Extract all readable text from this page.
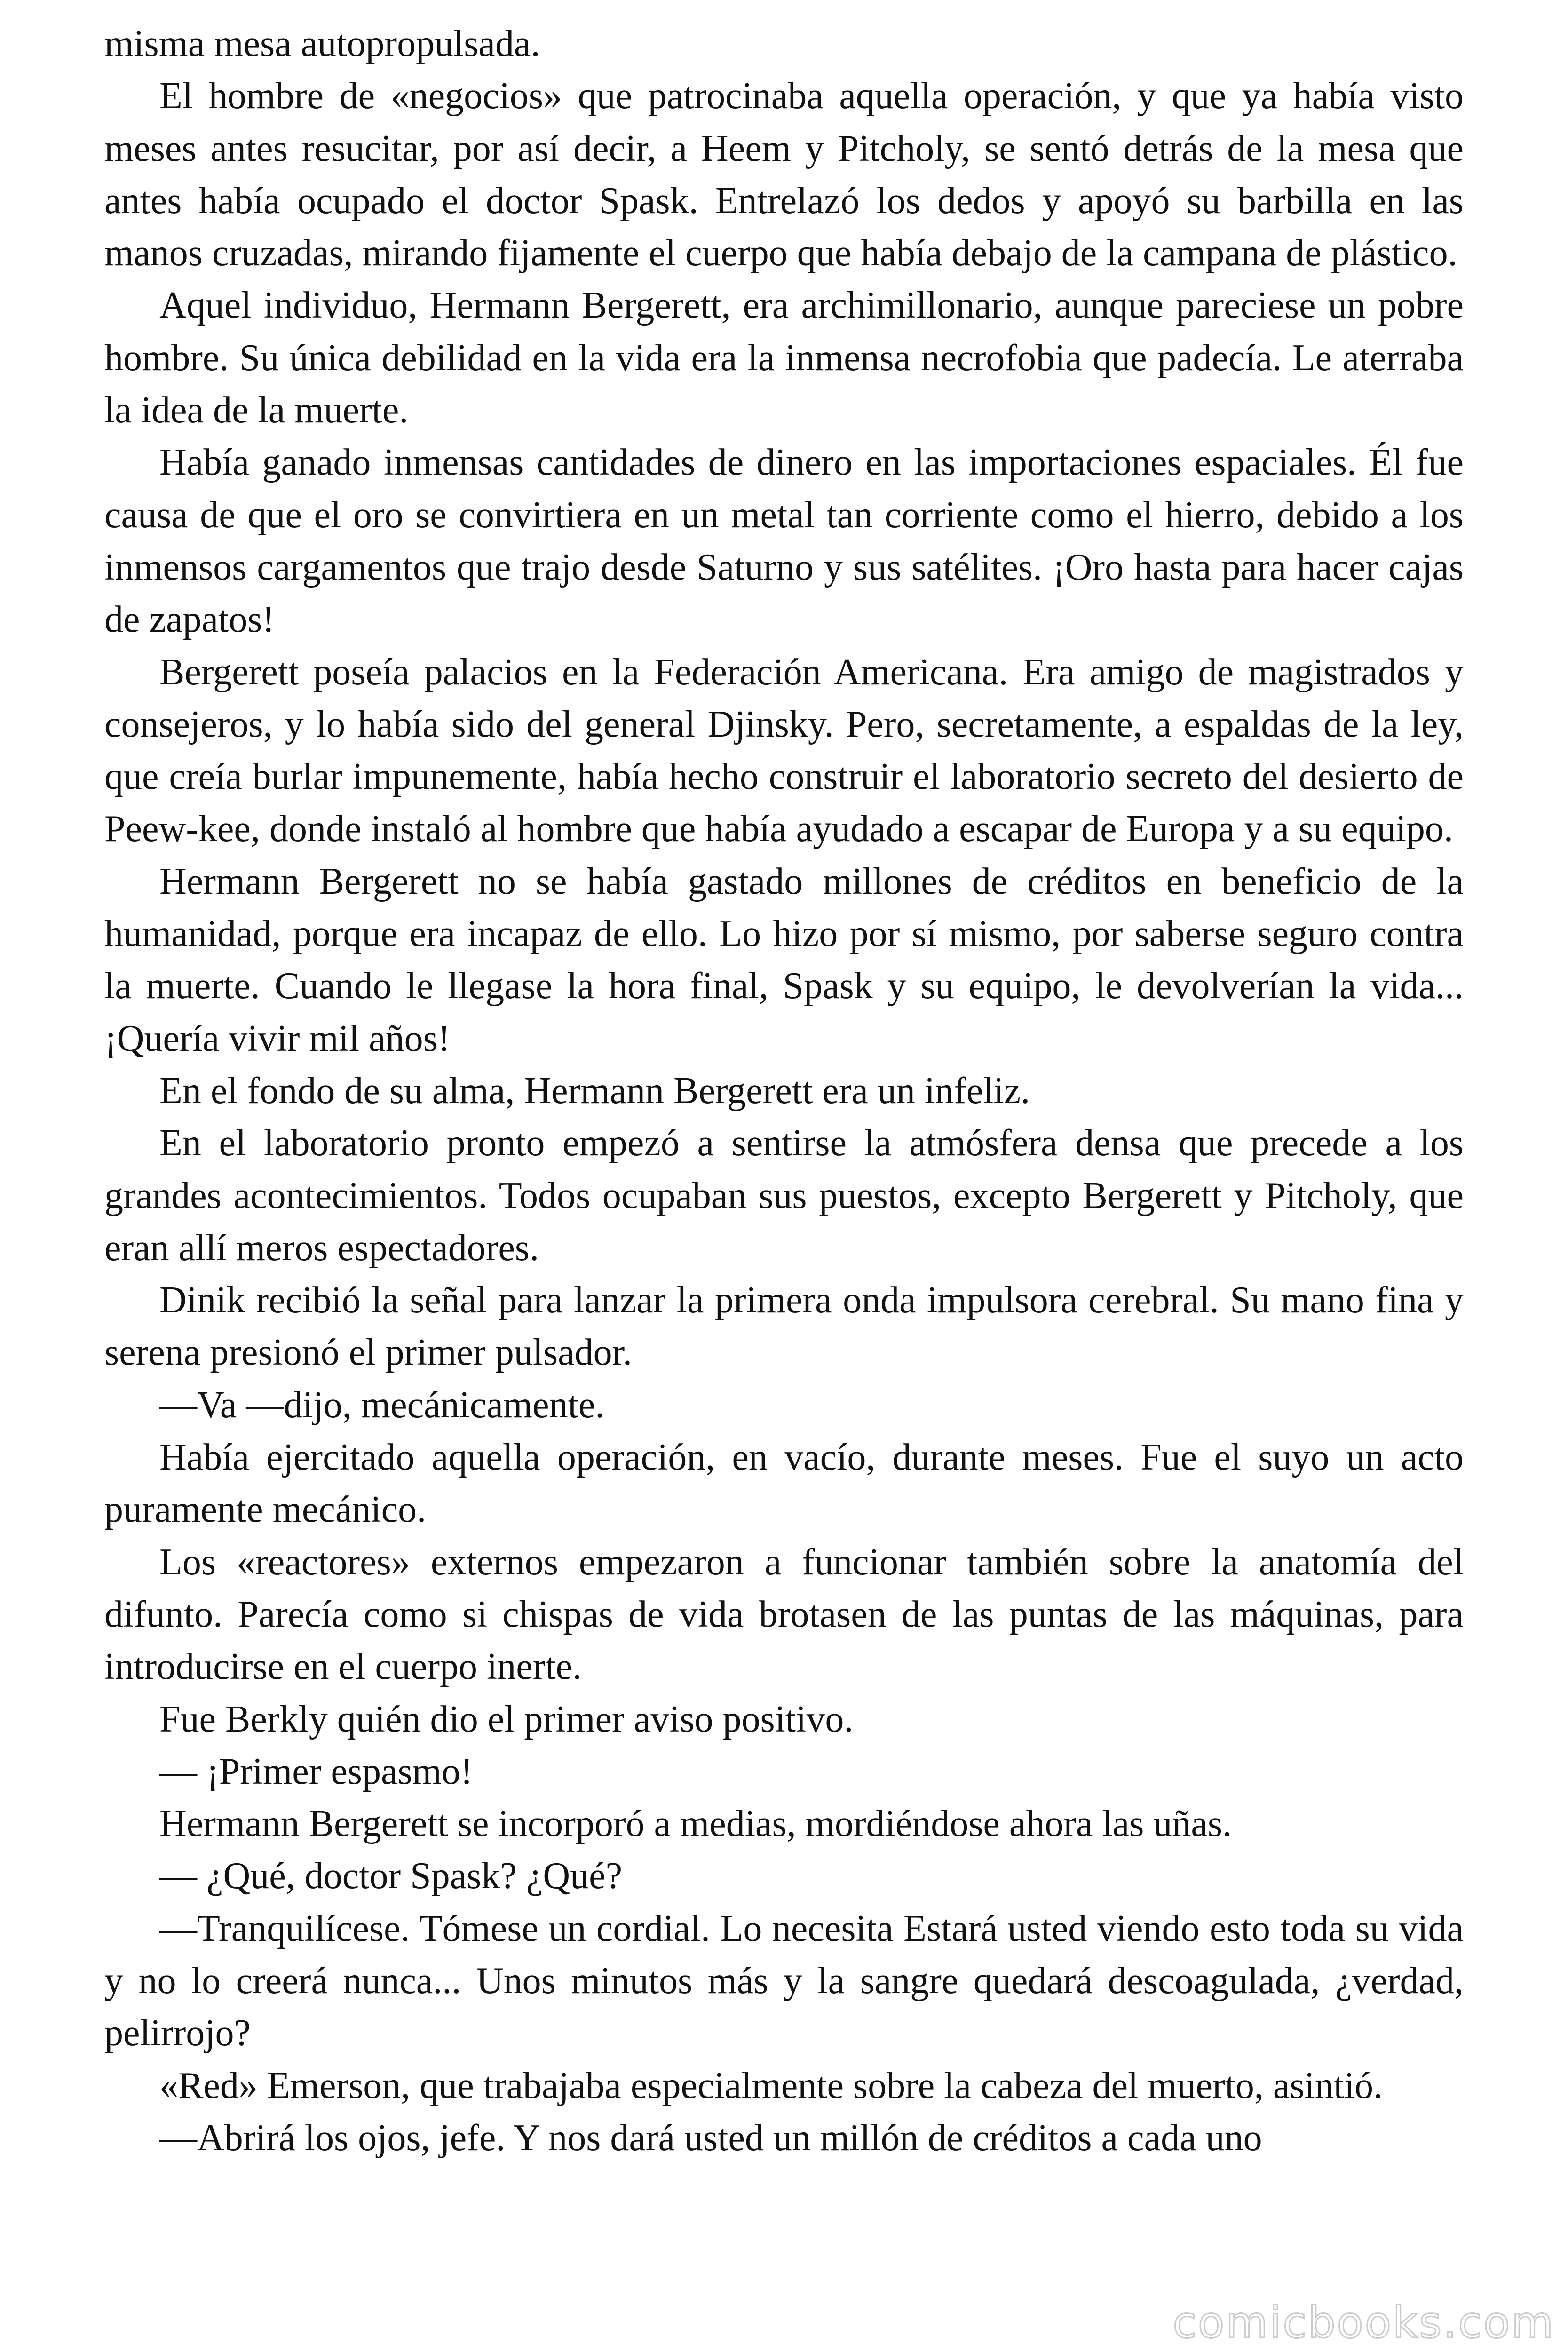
misma mesa autopropulsada.

El hombre de «negocios» que patrocinaba aquella operación, y que ya había visto meses antes resucitar, por así decir, a Heem y Pitcholy, se sentó detrás de la mesa que antes había ocupado el doctor Spask. Entrelazó los dedos y apoyó su barbilla en las manos cruzadas, mirando fijamente el cuerpo que había debajo de la campana de plástico.

Aquel individuo, Hermann Bergerett, era archimillonario, aunque pareciese un pobre hombre. Su única debilidad en la vida era la inmensa necrofobia que padecía. Le aterraba la idea de la muerte.

Había ganado inmensas cantidades de dinero en las importaciones espaciales. Él fue causa de que el oro se convirtiera en un metal tan corriente como el hierro, debido a los inmensos cargamentos que trajo desde Saturno y sus satélites. ¡Oro hasta para hacer cajas de zapatos!

Bergerett poseía palacios en la Federación Americana. Era amigo de magistrados y consejeros, y lo había sido del general Djinsky. Pero, secretamente, a espaldas de la ley, que creía burlar impunemente, había hecho construir el laboratorio secreto del desierto de Peew-kee, donde instaló al hombre que había ayudado a escapar de Europa y a su equipo.

Hermann Bergerett no se había gastado millones de créditos en beneficio de la humanidad, porque era incapaz de ello. Lo hizo por sí mismo, por saberse seguro contra la muerte. Cuando le llegase la hora final, Spask y su equipo, le devolverían la vida... ¡Quería vivir mil años!

En el fondo de su alma, Hermann Bergerett era un infeliz.

En el laboratorio pronto empezó a sentirse la atmósfera densa que precede a los grandes acontecimientos. Todos ocupaban sus puestos, excepto Bergerett y Pitcholy, que eran allí meros espectadores.

Dinik recibió la señal para lanzar la primera onda impulsora cerebral. Su mano fina y serena presionó el primer pulsador.

—Va —dijo, mecánicamente.

Había ejercitado aquella operación, en vacío, durante meses. Fue el suyo un acto puramente mecánico.

Los «reactores» externos empezaron a funcionar también sobre la anatomía del difunto. Parecía como si chispas de vida brotasen de las puntas de las máquinas, para introducirse en el cuerpo inerte.

Fue Berkly quién dio el primer aviso positivo.

— ¡Primer espasmo!

Hermann Bergerett se incorporó a medias, mordiéndose ahora las uñas.

— ¿Qué, doctor Spask? ¿Qué?

—Tranquilícese. Tómese un cordial. Lo necesita Estará usted viendo esto toda su vida y no lo creerá nunca... Unos minutos más y la sangre quedará descoagulada, ¿verdad, pelirrojo?

«Red» Emerson, que trabajaba especialmente sobre la cabeza del muerto, asintió.

—Abrirá los ojos, jefe. Y nos dará usted un millón de créditos a cada uno

comicbooks.com
